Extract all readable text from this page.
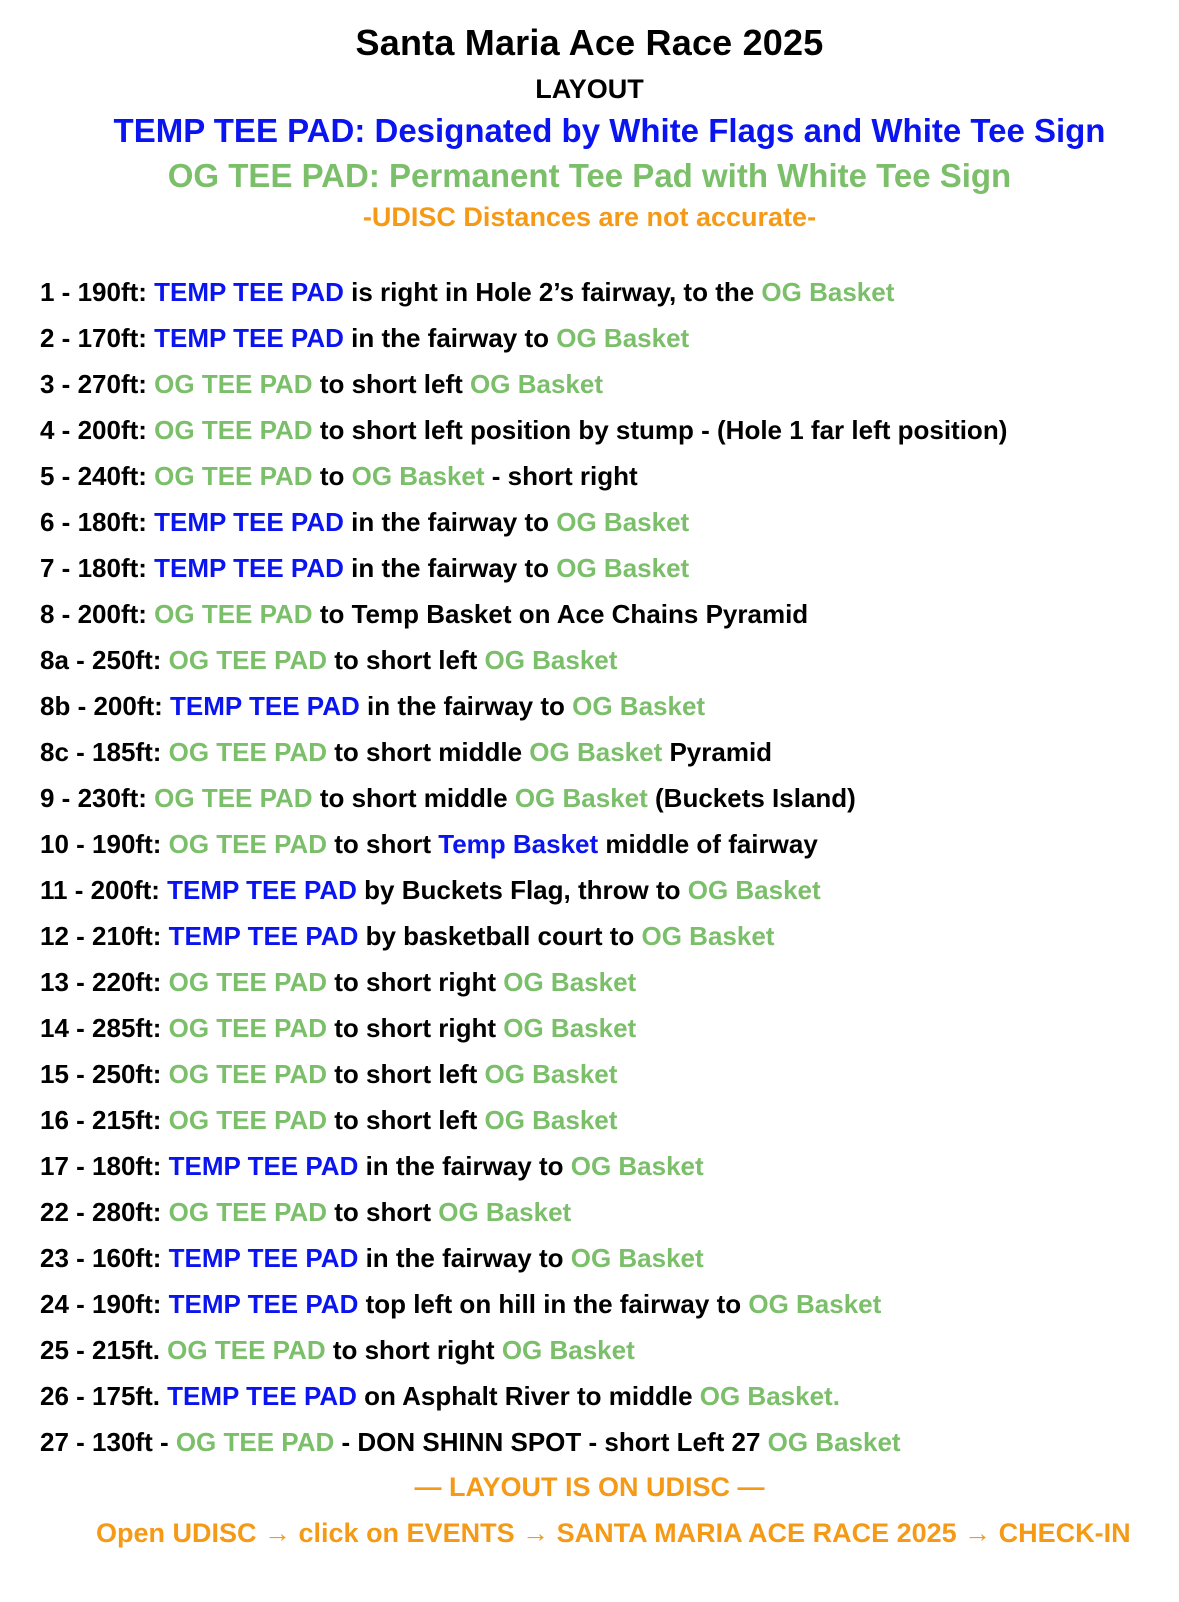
Santa Maria Ace Race 2025
LAYOUT
TEMP TEE PAD: Designated by White Flags and White Tee Sign
OG TEE PAD: Permanent Tee Pad with White Tee Sign
-UDISC Distances are not accurate-
1 - 190ft: TEMP TEE PAD is right in Hole 2’s fairway, to the OG Basket
2 - 170ft: TEMP TEE PAD in the fairway to OG Basket
3 - 270ft: OG TEE PAD to short left OG Basket
4 - 200ft: OG TEE PAD to short left position by stump - (Hole 1 far left position)
5 - 240ft: OG TEE PAD to OG Basket - short right
6 - 180ft: TEMP TEE PAD in the fairway to OG Basket
7 - 180ft: TEMP TEE PAD in the fairway to OG Basket
8 - 200ft: OG TEE PAD to Temp Basket on Ace Chains Pyramid
8a - 250ft: OG TEE PAD to short left OG Basket
8b - 200ft: TEMP TEE PAD in the fairway to OG Basket
8c - 185ft: OG TEE PAD to short middle OG Basket Pyramid
9 - 230ft: OG TEE PAD to short middle OG Basket (Buckets Island)
10 - 190ft: OG TEE PAD to short Temp Basket middle of fairway
11 - 200ft: TEMP TEE PAD by Buckets Flag, throw to OG Basket
12 - 210ft: TEMP TEE PAD by basketball court to OG Basket
13 - 220ft: OG TEE PAD to short right OG Basket
14 - 285ft: OG TEE PAD to short right OG Basket
15 - 250ft: OG TEE PAD to short left OG Basket
16 - 215ft: OG TEE PAD to short left OG Basket
17 - 180ft: TEMP TEE PAD in the fairway to OG Basket
22 - 280ft: OG TEE PAD to short OG Basket
23 - 160ft: TEMP TEE PAD in the fairway to OG Basket
24 - 190ft: TEMP TEE PAD top left on hill in the fairway to OG Basket
25 - 215ft. OG TEE PAD to short right OG Basket
26 - 175ft. TEMP TEE PAD on Asphalt River to middle OG Basket.
27 - 130ft - OG TEE PAD - DON SHINN SPOT - short Left 27 OG Basket
— LAYOUT IS ON UDISC —
Open UDISC → click on EVENTS → SANTA MARIA ACE RACE 2025 → CHECK-IN
